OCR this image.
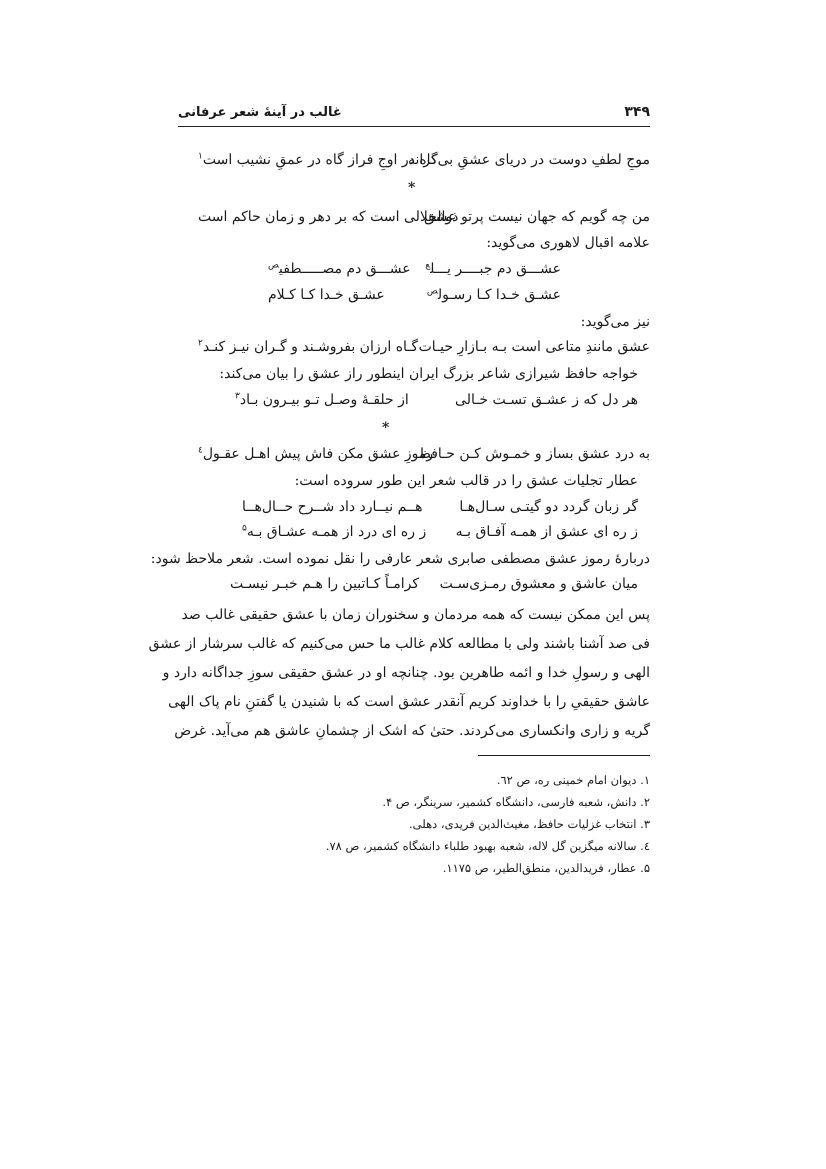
۳۴۹
غالب در آینهٔ شعر عرفانی
موجِ لطفِ دوست در دریای عشقِ بی‌کرانه
گاه در اوجِ فراز گاه در عمقِ نشیب است$^۱$
*
من چه گویم که جهان نیست پرتو عشق
ذوالجلالی است که بر دهر و زمان حاکم است
علامه اقبال لاهوری می‌گوید:
عشـــق دم جبــــر یـــل$^ع$
عشـــق دم مصـــــطفی$^ص$
عشـق خـدا کـا رسـول$^ص$
عشـق خـدا کـا کـلام
نیز می‌گوید:
عشق مانندِ متاعی است بـه بـازارِ حیـات
گـاه ارزان بفروشـند و گـران نیـز کنـد$^۲$
خواجه حافظ شیرازی شاعر بزرگ ایران اینطور راز عشق را بیان می‌کند:
هر دل که ز عشـق تسـت خـالی
از حلقـهٔ وصـل تـو بیـرون بـاد$^۳$
*
به درد عشق بساز و خمـوش کـن حـافظ
رموزِ عشق مکن فاش پیش اهـل عقـول$^٤$
عطار تجلیات عشق را در قالب شعر این طور سروده است:
گر زبان گردد دو گیتـی سـال‌هـا
هــم نیــارد داد شــرح حــال‌هــا
ز ره ای عشق از همـه آفـاق بـه
ز ره ای درد از همـه عشـاق بـه$^۵$
دربارهٔ رموز عشق مصطفی صابری شعر عارفی را نقل نموده است. شعر ملاحظ شود:
میان عاشق و معشوق رمـزی‌سـت
کرامـاً کـاتبین را هـم خبـر نیسـت
پس این ممکن نیست که همه مردمان و سخنوران زمان با عشق حقیقی غالب صد
فی صد آشنا باشند ولی با مطالعه کلام غالب ما حس می‌کنیم که غالب سرشار از عشق
الهی و رسولِ خدا و ائمه طاهرین بود. چنانچه او در عشق حقیقی سوزِ جداگانه دارد و
عاشق حقیقیِ را با خداوند کریم آنقدر عشق است که با شنیدن یا گفتنِ نام پاک الهی
گریه و زاری وانکساری می‌کردند. حتیٰ که اشک از چشمانِ عاشق هم می‌آید. غرض
۱. دیوان امام خمینی ره، ص ٦۲.
۲. دانش، شعبه فارسی، دانشگاه کشمیر، سرینگر، ص ۴.
۳. انتخاب غزلیات حافظ، مغیث‌الدین فریدی، دهلی.
٤. سالانه میگزین گل لاله، شعبه بهبود طلباء دانشگاه کشمیر، ص ۷۸.
۵. عطار، فریدالدین، منطق‌الطیر، ص ۱۱۷۵.
